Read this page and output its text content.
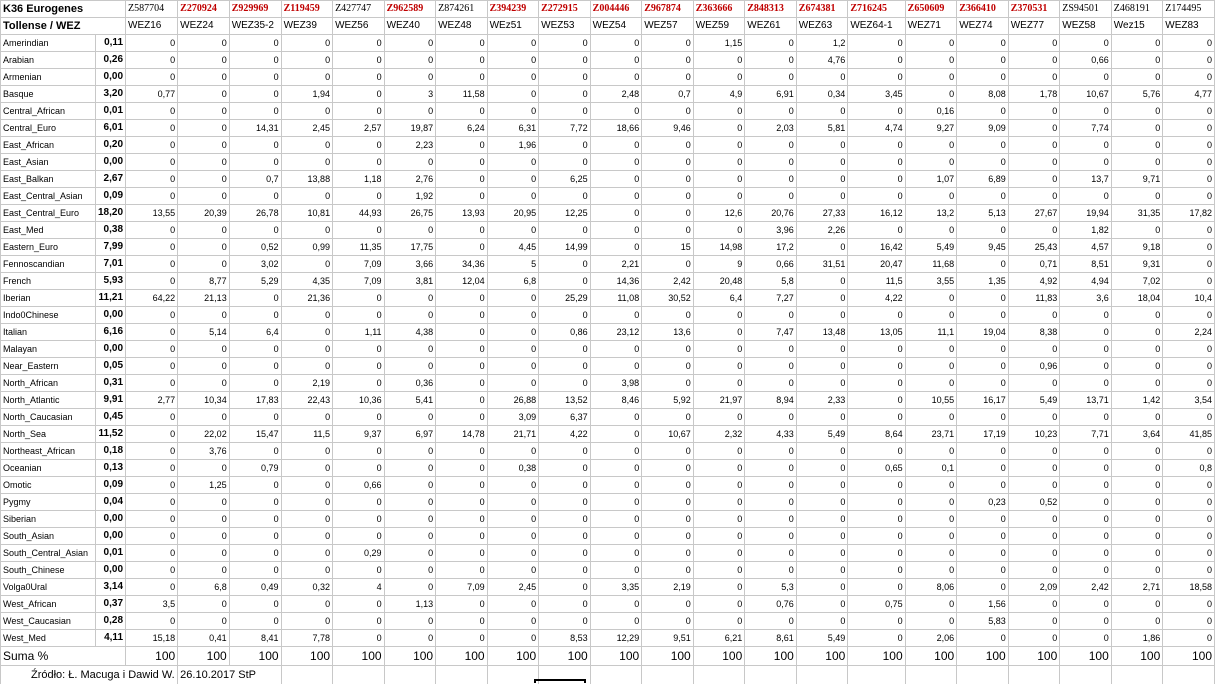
K36 Eurogenes		Z587704	Z270924	Z929969	Z119459	Z427747	Z962589	Z874261	Z394239	Z272915	Z004446	Z967874	Z363666	Z848313	Z674381	Z716245	Z650609	Z366410	Z370531	ZS94501	Z468191	Z174495
Tollense / WEZ		WEZ16	WEZ24	WEZ35-2	WEZ39	WEZ56	WEZ40	WEZ48	WEz51	WEZ53	WEZ54	WEZ57	WEZ59	WEZ61	WEZ63	WEZ64-1	WEZ71	WEZ74	WEZ77	WEZ58	Wez15	WEZ83
Amerindian	0,11	0	0	0	0	0	0	0	0	0	0	0	1,15	0	1,2	0	0	0	0	0	0	0
Arabian	0,26	0	0	0	0	0	0	0	0	0	0	0	0	0	4,76	0	0	0	0	0,66	0	0
Armenian	0,00	0	0	0	0	0	0	0	0	0	0	0	0	0	0	0	0	0	0	0	0	0
Basque	3,20	0,77	0	0	1,94	0	3	11,58	0	0	2,48	0,7	4,9	6,91	0,34	3,45	0	8,08	1,78	10,67	5,76	4,77
Central_African	0,01	0	0	0	0	0	0	0	0	0	0	0	0	0	0	0	0,16	0	0	0	0	0
Central_Euro	6,01	0	0	14,31	2,45	2,57	19,87	6,24	6,31	7,72	18,66	9,46	0	2,03	5,81	4,74	9,27	9,09	0	7,74	0	0
East_African	0,20	0	0	0	0	0	2,23	0	1,96	0	0	0	0	0	0	0	0	0	0	0	0	0
East_Asian	0,00	0	0	0	0	0	0	0	0	0	0	0	0	0	0	0	0	0	0	0	0	0
East_Balkan	2,67	0	0	0,7	13,88	1,18	2,76	0	0	6,25	0	0	0	0	0	0	1,07	6,89	0	13,7	9,71	0
East_Central_Asian	0,09	0	0	0	0	0	1,92	0	0	0	0	0	0	0	0	0	0	0	0	0	0	0
East_Central_Euro	18,20	13,55	20,39	26,78	10,81	44,93	26,75	13,93	20,95	12,25	0	0	12,6	20,76	27,33	16,12	13,2	5,13	27,67	19,94	31,35	17,82
East_Med	0,38	0	0	0	0	0	0	0	0	0	0	0	0	3,96	2,26	0	0	0	0	1,82	0	0
Eastern_Euro	7,99	0	0	0,52	0,99	11,35	17,75	0	4,45	14,99	0	15	14,98	17,2	0	16,42	5,49	9,45	25,43	4,57	9,18	0
Fennoscandian	7,01	0	0	3,02	0	7,09	3,66	34,36	5	0	2,21	0	9	0,66	31,51	20,47	11,68	0	0,71	8,51	9,31	0
French	5,93	0	8,77	5,29	4,35	7,09	3,81	12,04	6,8	0	14,36	2,42	20,48	5,8	0	11,5	3,55	1,35	4,92	4,94	7,02	0
Iberian	11,21	64,22	21,13	0	21,36	0	0	0	0	25,29	11,08	30,52	6,4	7,27	0	4,22	0	0	11,83	3,6	18,04	10,4
Indo0Chinese	0,00	0	0	0	0	0	0	0	0	0	0	0	0	0	0	0	0	0	0	0	0	0
Italian	6,16	0	5,14	6,4	0	1,11	4,38	0	0	0,86	23,12	13,6	0	7,47	13,48	13,05	11,1	19,04	8,38	0	0	2,24
Malayan	0,00	0	0	0	0	0	0	0	0	0	0	0	0	0	0	0	0	0	0	0	0	0
Near_Eastern	0,05	0	0	0	0	0	0	0	0	0	0	0	0	0	0	0	0	0	0,96	0	0	0
North_African	0,31	0	0	0	2,19	0	0,36	0	0	0	3,98	0	0	0	0	0	0	0	0	0	0	0
North_Atlantic	9,91	2,77	10,34	17,83	22,43	10,36	5,41	0	26,88	13,52	8,46	5,92	21,97	8,94	2,33	0	10,55	16,17	5,49	13,71	1,42	3,54
North_Caucasian	0,45	0	0	0	0	0	0	0	3,09	6,37	0	0	0	0	0	0	0	0	0	0	0	0
North_Sea	11,52	0	22,02	15,47	11,5	9,37	6,97	14,78	21,71	4,22	0	10,67	2,32	4,33	5,49	8,64	23,71	17,19	10,23	7,71	3,64	41,85
Northeast_African	0,18	0	3,76	0	0	0	0	0	0	0	0	0	0	0	0	0	0	0	0	0	0	0
Oceanian	0,13	0	0	0,79	0	0	0	0	0,38	0	0	0	0	0	0	0,65	0,1	0	0	0	0	0,8
Omotic	0,09	0	1,25	0	0	0,66	0	0	0	0	0	0	0	0	0	0	0	0	0	0	0	0
Pygmy	0,04	0	0	0	0	0	0	0	0	0	0	0	0	0	0	0	0	0,23	0,52	0	0	0
Siberian	0,00	0	0	0	0	0	0	0	0	0	0	0	0	0	0	0	0	0	0	0	0	0
South_Asian	0,00	0	0	0	0	0	0	0	0	0	0	0	0	0	0	0	0	0	0	0	0	0
South_Central_Asian	0,01	0	0	0	0	0,29	0	0	0	0	0	0	0	0	0	0	0	0	0	0	0	0
South_Chinese	0,00	0	0	0	0	0	0	0	0	0	0	0	0	0	0	0	0	0	0	0	0	0
Volga0Ural	3,14	0	6,8	0,49	0,32	4	0	7,09	2,45	0	3,35	2,19	0	5,3	0	0	8,06	0	2,09	2,42	2,71	18,58
West_African	0,37	3,5	0	0	0	0	1,13	0	0	0	0	0	0	0,76	0	0,75	0	1,56	0	0	0	0
West_Caucasian	0,28	0	0	0	0	0	0	0	0	0	0	0	0	0	0	0	0	5,83	0	0	0	0
West_Med	4,11	15,18	0,41	8,41	7,78	0	0	0	0	8,53	12,29	9,51	6,21	8,61	5,49	0	2,06	0	0	0	1,86	0
Suma %		100	100	100	100	100	100	100	100	100	100	100	100	100	100	100	100	100	100	100	100	100
Źródło: Ł. Macuga i Dawid W.			26.10.2017 StP																			
